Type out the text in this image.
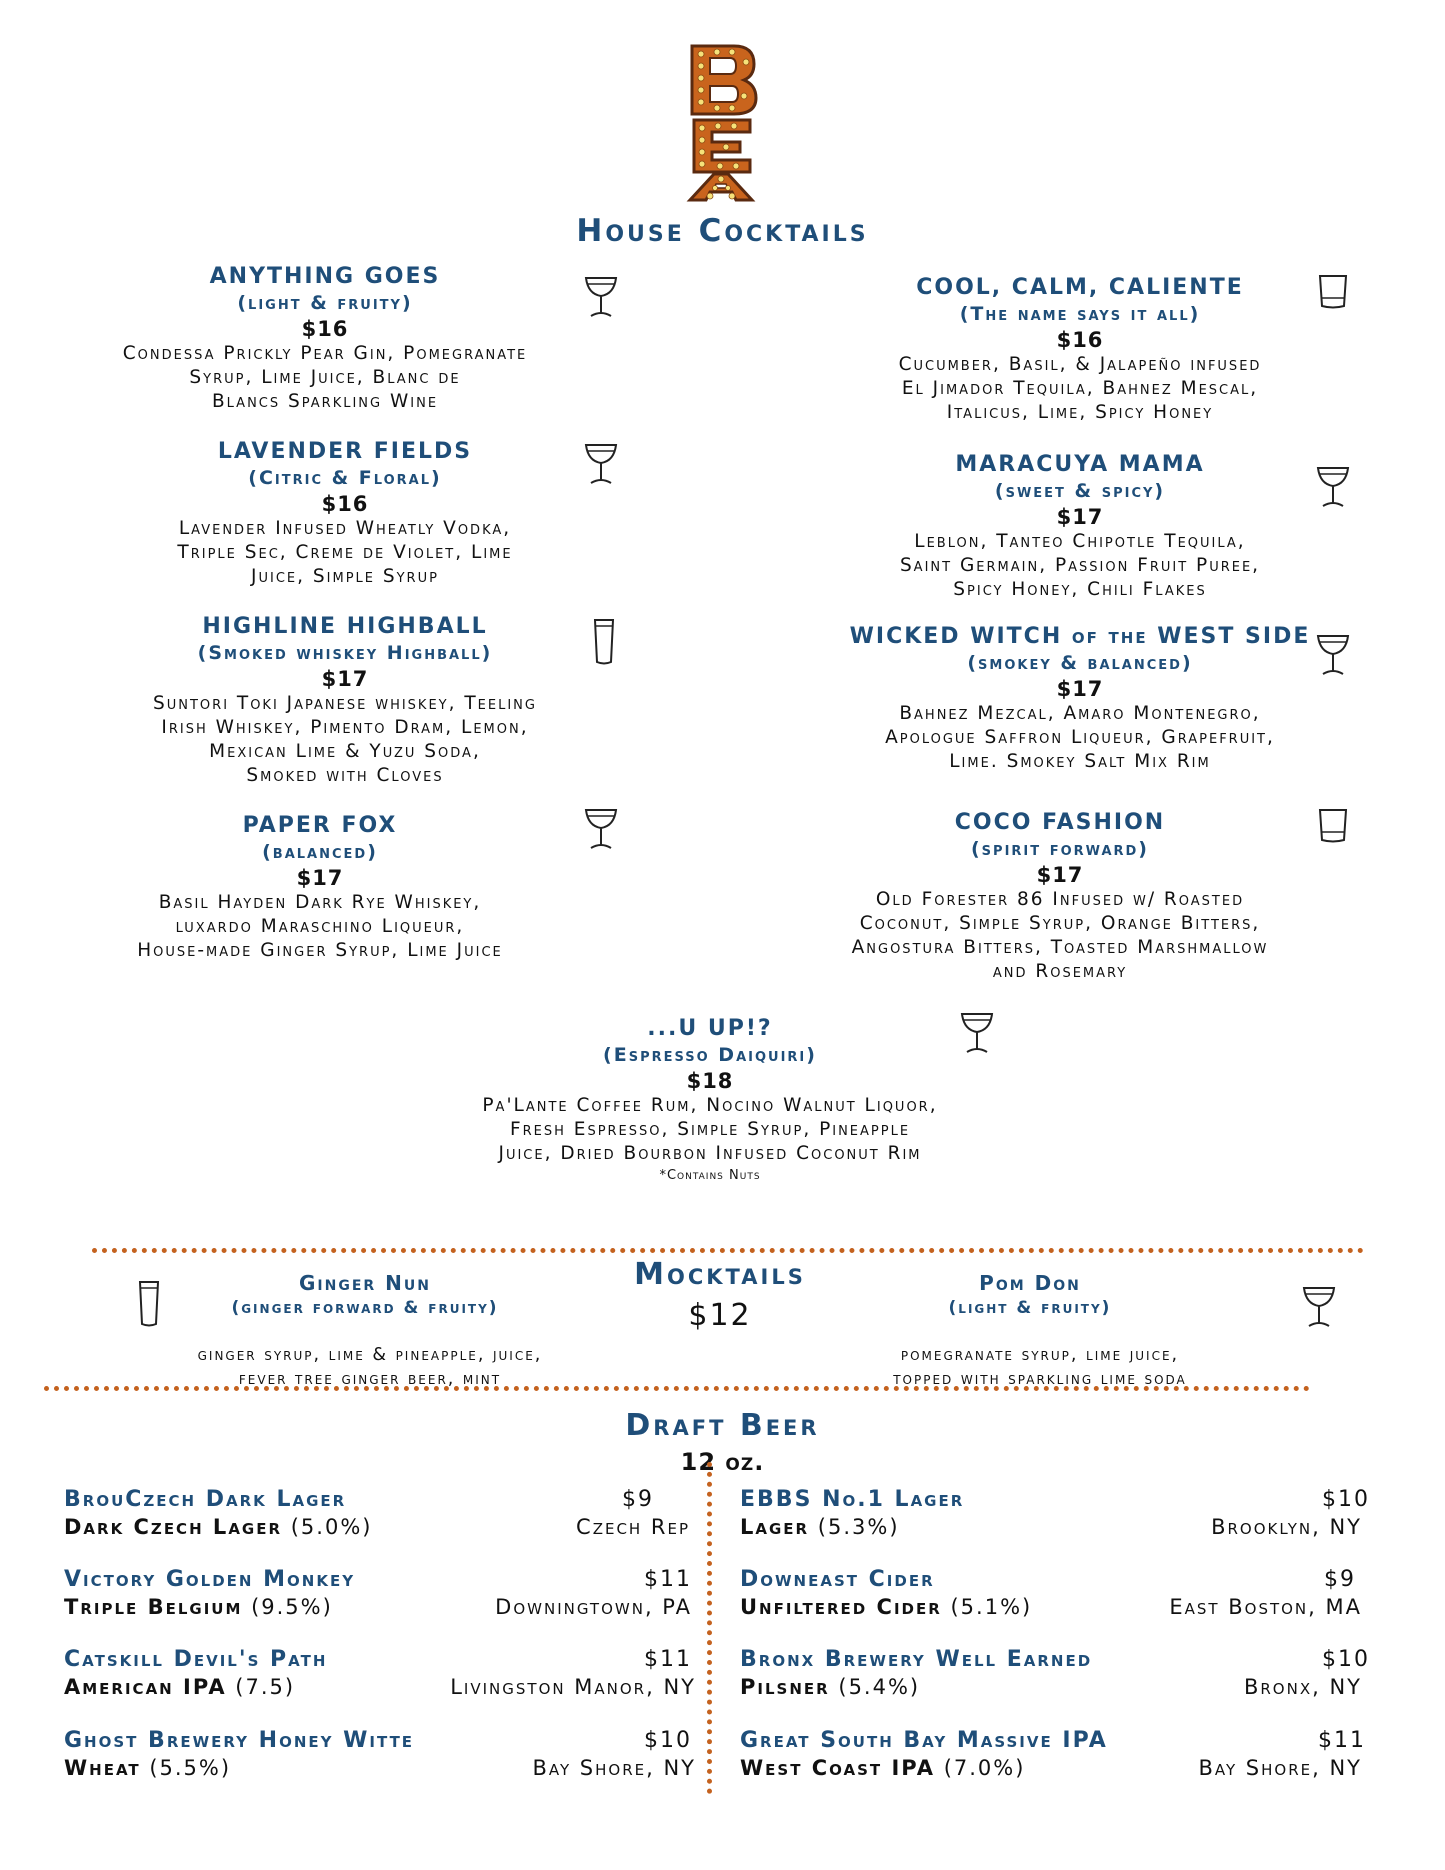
House Cocktails
ANYTHING GOES
(light & fruity)
$16
Condessa Prickly Pear Gin, Pomegranate
Syrup, Lime Juice, Blanc de
Blancs Sparkling Wine
LAVENDER FIELDS
(Citric & Floral)
$16
Lavender Infused Wheatly Vodka,
Triple Sec, Creme de Violet, Lime
Juice, Simple Syrup
HIGHLINE HIGHBALL
(Smoked whiskey Highball)
$17
Suntori Toki Japanese whiskey, Teeling
Irish Whiskey, Pimento Dram, Lemon,
Mexican Lime & Yuzu Soda,
Smoked with Cloves
PAPER FOX
(balanced)
$17
Basil Hayden Dark Rye Whiskey,
luxardo Maraschino Liqueur,
House-made Ginger Syrup, Lime Juice
COOL, CALM, CALIENTE
(The name says it all)
$16
Cucumber, Basil, & Jalapeño infused
El Jimador Tequila, Bahnez Mescal,
Italicus, Lime, Spicy Honey
MARACUYA MAMA
(sweet & spicy)
$17
Leblon, Tanteo Chipotle Tequila,
Saint Germain, Passion Fruit Puree,
Spicy Honey, Chili Flakes
WICKED WITCH of the WEST SIDE
(smokey & balanced)
$17
Bahnez Mezcal, Amaro Montenegro,
Apologue Saffron Liqueur, Grapefruit,
Lime. Smokey Salt Mix Rim
COCO FASHION
(spirit forward)
$17
Old Forester 86 Infused w/ Roasted
Coconut, Simple Syrup, Orange Bitters,
Angostura Bitters, Toasted Marshmallow
and Rosemary
...U UP!?
(Espresso Daiquiri)
$18
Pa'Lante Coffee Rum, Nocino Walnut Liquor,
Fresh Espresso, Simple Syrup, Pineapple
Juice, Dried Bourbon Infused Coconut Rim
*Contains Nuts
Mocktails
$12
Ginger Nun
(ginger forward & fruity)
ginger syrup, lime & pineapple, juice,
fever tree ginger beer, mint
Pom Don
(light & fruity)
pomegranate syrup, lime juice,
topped with sparkling lime soda
Draft Beer
12 oz.
BrouCzech Dark Lager	$9
Dark Czech Lager (5.0%)	Czech Rep
Victory Golden Monkey	$11
Triple Belgium (9.5%)	Downingtown, PA
Catskill Devil's Path	$11
American IPA (7.5)	Livingston Manor, NY
Ghost Brewery Honey Witte	$10
Wheat (5.5%)	Bay Shore, NY
EBBS No.1 Lager	$10
Lager (5.3%)	Brooklyn, NY
Downeast Cider	$9
Unfiltered Cider (5.1%)	East Boston, MA
Bronx Brewery Well Earned	$10
Pilsner (5.4%)	Bronx, NY
Great South Bay Massive IPA	$11
West Coast IPA (7.0%)	Bay Shore, NY
